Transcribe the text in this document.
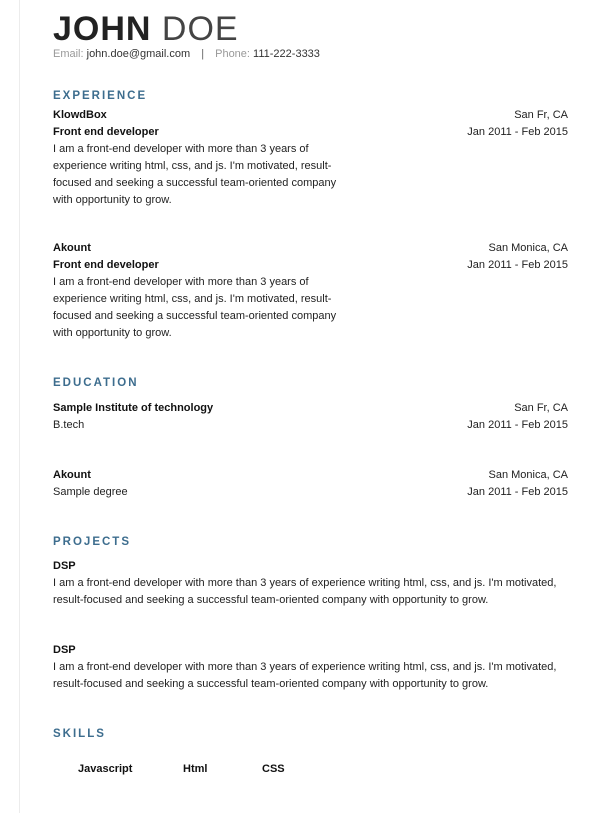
JOHN DOE
Email: john.doe@gmail.com | Phone: 111-222-3333
EXPERIENCE
KlowdBox	San Fr, CA
Front end developer	Jan 2011 - Feb 2015

I am a front-end developer with more than 3 years of experience writing html, css, and js. I'm motivated, result-focused and seeking a successful team-oriented company with opportunity to grow.

Akount	San Monica, CA
Front end developer	Jan 2011 - Feb 2015

I am a front-end developer with more than 3 years of experience writing html, css, and js. I'm motivated, result-focused and seeking a successful team-oriented company with opportunity to grow.

EDUCATION
Sample Institute of technology	San Fr, CA
B.tech	Jan 2011 - Feb 2015
Akount	San Monica, CA
Sample degree	Jan 2011 - Feb 2015
PROJECTS
DSP

I am a front-end developer with more than 3 years of experience writing html, css, and js. I'm motivated, result-focused and seeking a successful team-oriented company with opportunity to grow.

DSP

I am a front-end developer with more than 3 years of experience writing html, css, and js. I'm motivated, result-focused and seeking a successful team-oriented company with opportunity to grow.

SKILLS
Javascript	Html	CSS
